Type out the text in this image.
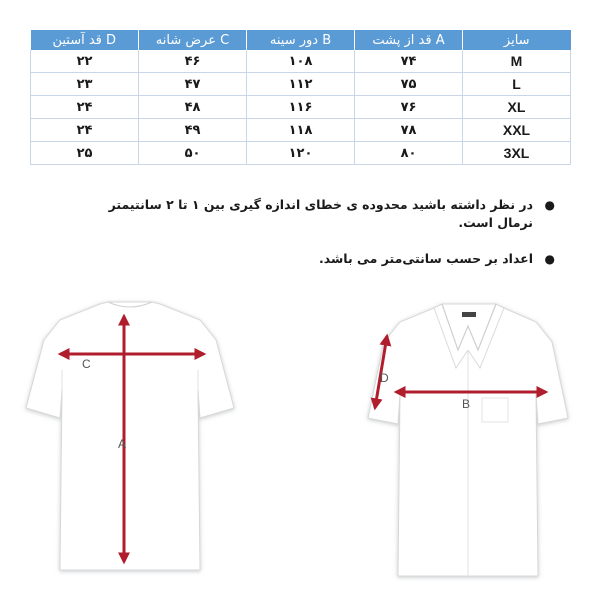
قد آستین D	عرض شانه C	دور سینه B	قد از پشت A	سایز
۲۲	۴۶	۱۰۸	۷۴	M
۲۳	۴۷	۱۱۲	۷۵	L
۲۴	۴۸	۱۱۶	۷۶	XL
۲۴	۴۹	۱۱۸	۷۸	XXL
۲۵	۵۰	۱۲۰	۸۰	3XL
●
در نظر داشته باشید محدوده ی خطای اندازه گیری بین ۱ تا ۲ سانتیمتر نرمال است.
●
اعداد بر حسب سانتی‌متر می باشد.
C
A
B
D
